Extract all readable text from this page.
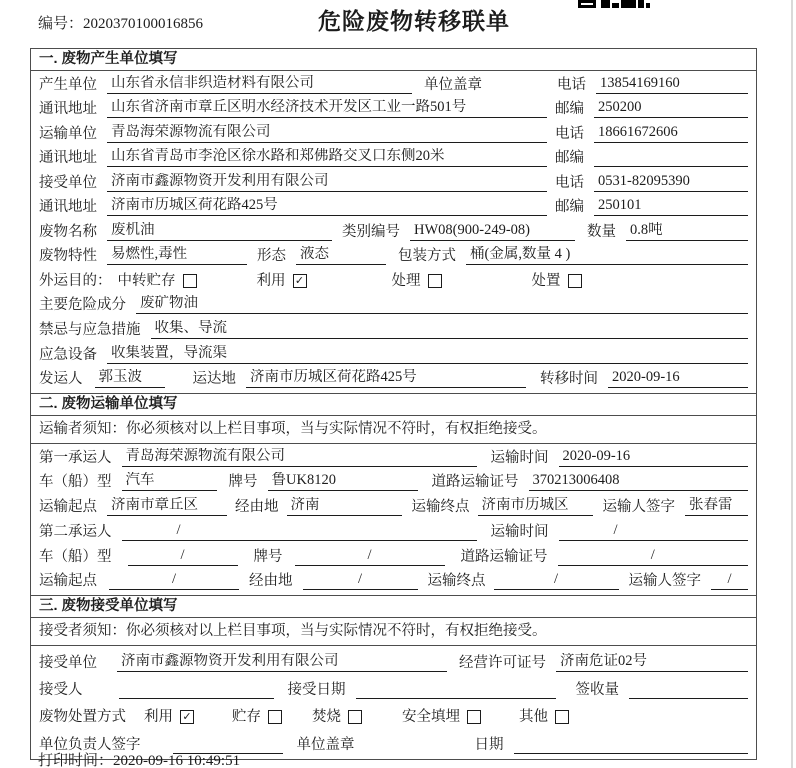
编号：2020370100016856	危险废物转移联单
一. 废物产生单位填写
产生单位 山东省永信非织造材料有限公司	单位盖章	电话 13854169160
通讯地址 山东省济南市章丘区明水经济技术开发区工业一路501号	邮编 250200
运输单位 青岛海荣源物流有限公司	电话 18661672606
通讯地址 山东省青岛市李沧区徐水路和郑佛路交叉口东侧20米	邮编
接受单位 济南市鑫源物资开发利用有限公司	电话 0531-82095390
通讯地址 济南市历城区荷花路425号	邮编 250101
废物名称 废机油	类别编号 HW08(900-249-08)	数量 0.8吨
废物特性 易燃性,毒性	形态 液态	包装方式 桶(金属,数量 4 )
外运目的： 中转贮存	利用 ✓	处理	处置
主要危险成分 废矿物油
禁忌与应急措施 收集、导流
应急设备 收集装置，导流渠
发运人 郭玉波	运达地 济南市历城区荷花路425号	转移时间 2020-09-16
二. 废物运输单位填写
运输者须知：你必须核对以上栏目事项，当与实际情况不符时，有权拒绝接受。
第一承运人 青岛海荣源物流有限公司	运输时间 2020-09-16
车（船）型 汽车	牌号 鲁UK8120	道路运输证号 370213006408
运输起点 济南市章丘区	经由地 济南	运输终点 济南市历城区	运输人签字 张春雷
第二承运人	/	运输时间	/
车（船）型	/	牌号	/	道路运输证号	/
运输起点	/	经由地	/	运输终点	/	运输人签字	/
三. 废物接受单位填写
接受者须知：你必须核对以上栏目事项，当与实际情况不符时，有权拒绝接受。
接受单位 济南市鑫源物资开发利用有限公司	经营许可证号 济南危证02号
接受人	接受日期	签收量
废物处置方式 利用 ✓	贮存	焚烧	安全填埋	其他
单位负责人签字	单位盖章	日期
打印时间：2020-09-16 10:49:51
